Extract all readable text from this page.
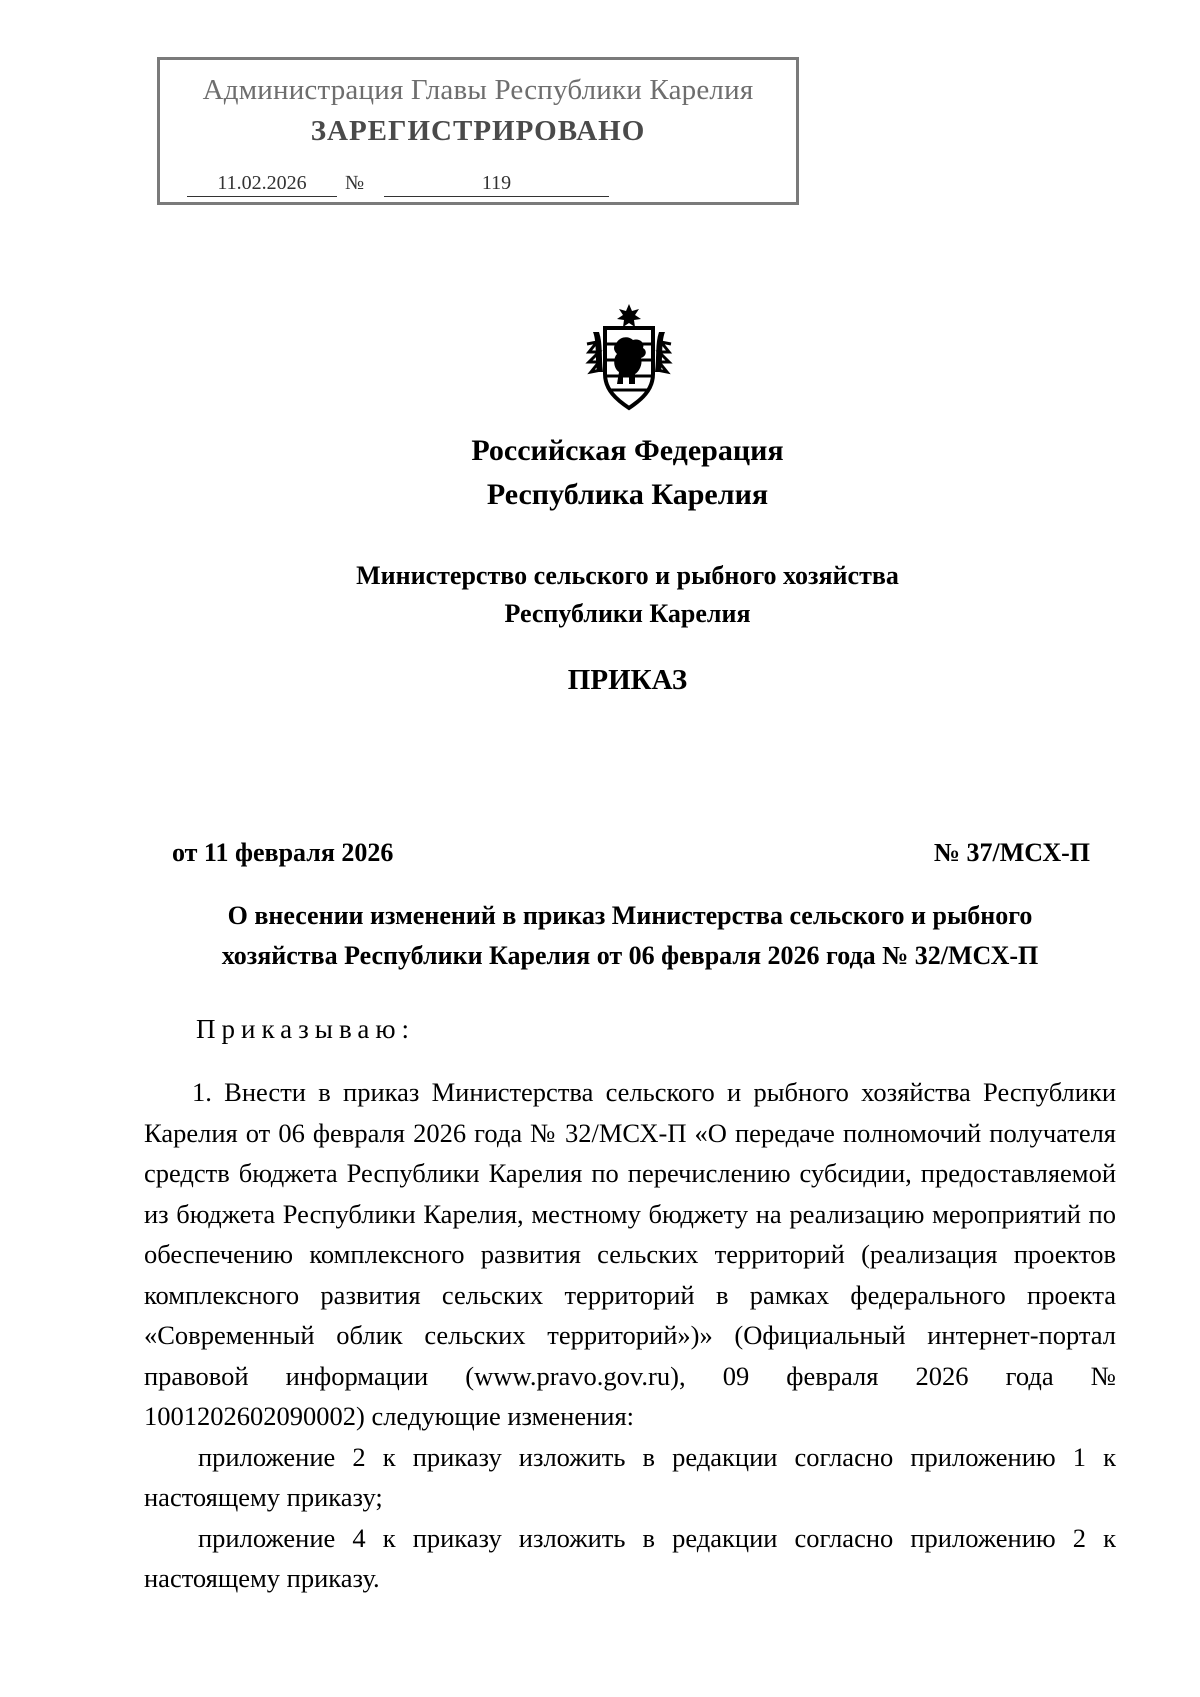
Администрация Главы Республики Карелия
ЗАРЕГИСТРИРОВАНО
11.02.2026	№	119
Российская Федерация
Республика Карелия
Министерство сельского и рыбного хозяйства
Республики Карелия
ПРИКАЗ
от 11 февраля 2026	№ 37/МСХ-П
О внесении изменений в приказ Министерства сельского и рыбного
хозяйства Республики Карелия от 06 февраля 2026 года № 32/МСХ-П
Приказываю:

1. Внести в приказ Министерства сельского и рыбного хозяйства Республики Карелия от 06 февраля 2026 года № 32/МСХ-П «О передаче полномочий получателя средств бюджета Республики Карелия по перечислению субсидии, предоставляемой из бюджета Республики Карелия, местному бюджету на реализацию мероприятий по обеспечению комплексного развития сельских территорий (реализация проектов комплексного развития сельских территорий в рамках федерального проекта «Современный облик сельских территорий»)» (Официальный интернет-портал правовой информации (www.pravo.gov.ru), 09 февраля 2026 года № 1001202602090002) следующие изменения:

приложение 2 к приказу изложить в редакции согласно приложению 1 к настоящему приказу;

приложение 4 к приказу изложить в редакции согласно приложению 2 к настоящему приказу.
